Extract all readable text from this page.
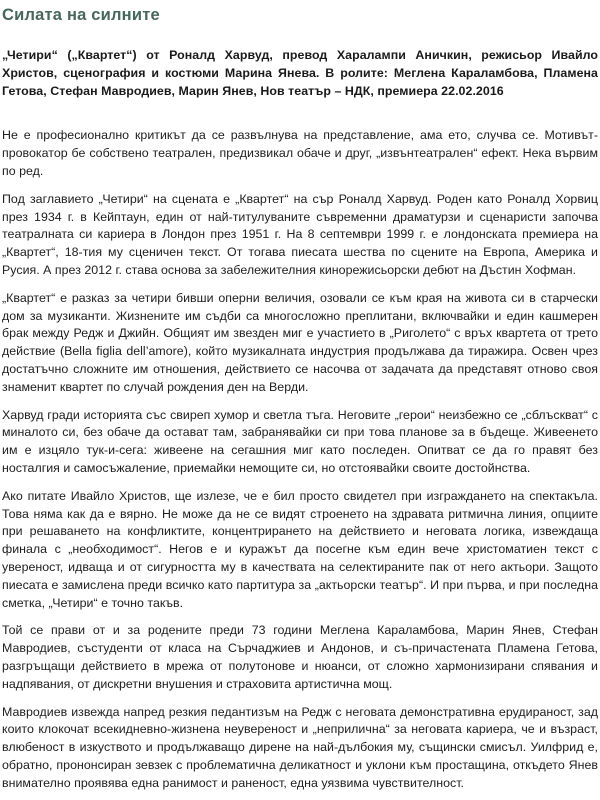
Силата на силните

„Четири“ („Квартет“) от Роналд Харвуд, превод Харалампи Аничкин, режисьор Ивайло Христов, сценография и костюми Марина Янева. В ролите: Меглена Караламбова, Пламена Гетова, Стефан Мавродиев, Марин Янев, Нов театър – НДК, премиера 22.02.2016

Не е професионално критикът да се развълнува на представление, ама ето, случва се. Мотивът-провокатор бе собствено театрален, предизвикал обаче и друг, „извънтеатрален“ ефект. Нека вървим по ред.

Под заглавието „Четири“ на сцената е „Квартет“ на сър Роналд Харвуд. Роден като Роналд Хорвиц през 1934 г. в Кейптаун, един от най-титулуваните съвременни драматурзи и сценаристи започва театралната си кариера в Лондон през 1951 г. На 8 септември 1999 г. е лондонската премиера на „Квартет“, 18-тия му сценичен текст. От тогава пиесата шества по сцените на Европа, Америка и Русия. А през 2012 г. става основа за забележителния кинорежисьорски дебют на Дъстин Хофман.

„Квартет“ е разказ за четири бивши оперни величия, озовали се към края на живота си в старчески дом за музиканти. Жизнените им съдби са многосложно преплитани, включвайки и един кашмерен брак между Редж и Джийн. Общият им звезден миг е участието в „Риголето“ с връх квартета от трето действие (Bella figlia dell’amore), който музикалната индустрия продължава да тиражира. Освен чрез достатъчно сложните им отношения, действието се насочва от задачата да представят отново своя знаменит квартет по случай рождения ден на Верди.

Харвуд гради историята със свиреп хумор и светла тъга. Неговите „герои“ неизбежно се „сблъскват“ с миналото си, без обаче да остават там, забранявайки си при това планове за в бъдеще. Живеенето им е изцяло тук-и-сега: живеене на сегашния миг като последен. Опитват се да го правят без носталгия и самосъжаление, приемайки немощите си, но отстоявайки своите достойнства.

Ако питате Ивайло Христов, ще излезе, че е бил просто свидетел при изграждането на спектакъла. Това няма как да е вярно. Не може да не се видят строенето на здравата ритмична линия, опциите при решаването на конфликтите, концентрирането на действието и неговата логика, извеждаща финала с „необходимост“. Негов е и куражът да посегне към един вече христоматиен текст с увереност, идваща и от сигурността му в качествата на селектираните пак от него актьори. Защото пиесата е замислена преди всичко като партитура за „актьорски театър“. И при първа, и при последна сметка, „Четири“ е точно такъв.

Той се прави от и за родените преди 73 години Меглена Караламбова, Марин Янев, Стефан Мавродиев, състуденти от класа на Сърчаджиев и Андонов, и съ-причастената Пламена Гетова, разгръщащи действието в мрежа от полутонове и нюанси, от сложно хармонизирани спявания и надпявания, от дискретни внушения и страховита артистична мощ.

Мавродиев извежда напред резкия педантизъм на Редж с неговата демонстративна ерудираност, зад които клокочат всекидневно-жизнена неувереност и „неприличнa“ за неговата кариера, че и възраст, влюбеност в изкуството и продължаващо дирене на най-дълбокия му, същински смисъл. Уилфрид е, обратно, прононсиран зевзек с проблематична деликатност и уклони към простащина, откъдето Янев внимателно проявява една ранимост и раненост, една уязвима чувствителност.
